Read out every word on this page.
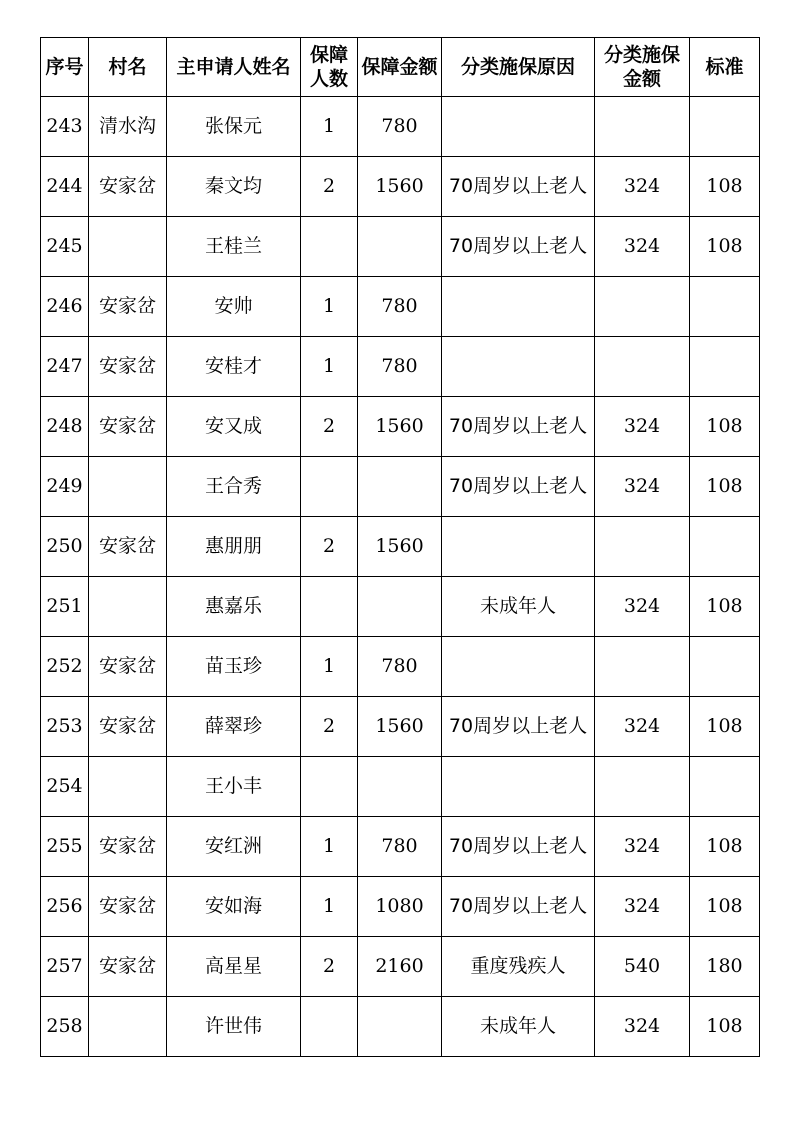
序号	村名	主申请人姓名	保障人数	保障金额	分类施保原因	分类施保金额	标准
243	清水沟	张保元	1	780			
244	安家岔	秦文均	2	1560	70周岁以上老人	324	108
245		王桂兰			70周岁以上老人	324	108
246	安家岔	安帅	1	780			
247	安家岔	安桂才	1	780			
248	安家岔	安又成	2	1560	70周岁以上老人	324	108
249		王合秀			70周岁以上老人	324	108
250	安家岔	惠朋朋	2	1560			
251		惠嘉乐			未成年人	324	108
252	安家岔	苗玉珍	1	780			
253	安家岔	薛翠珍	2	1560	70周岁以上老人	324	108
254		王小丰					
255	安家岔	安红洲	1	780	70周岁以上老人	324	108
256	安家岔	安如海	1	1080	70周岁以上老人	324	108
257	安家岔	高星星	2	2160	重度残疾人	540	180
258		许世伟			未成年人	324	108
